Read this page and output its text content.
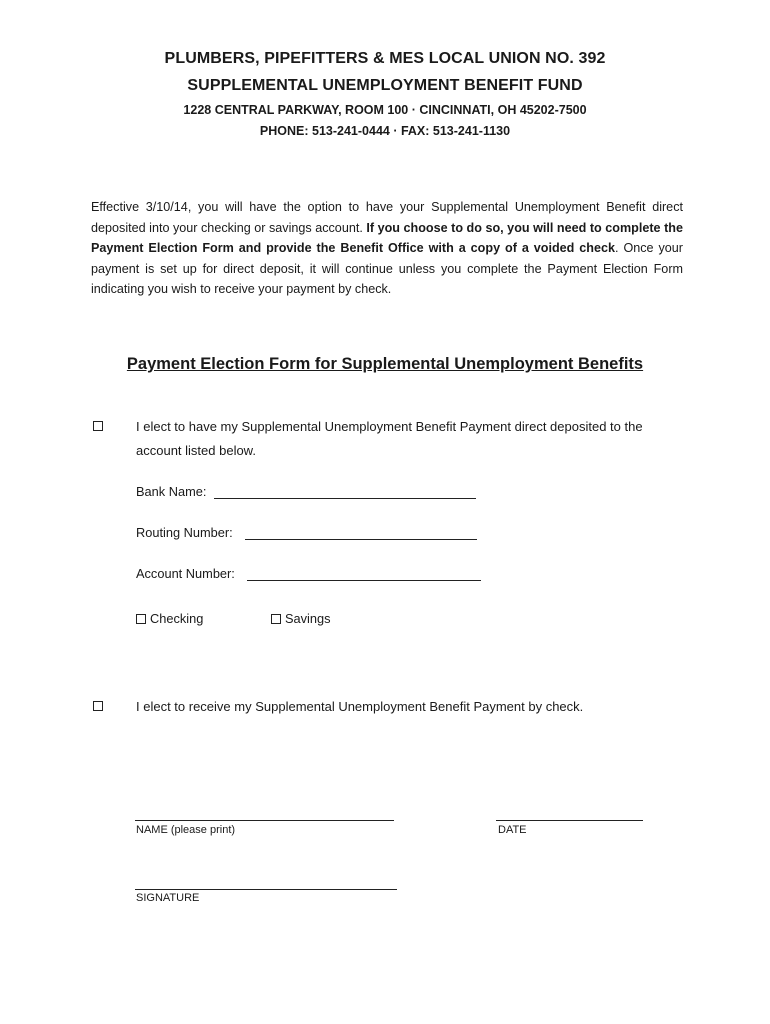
PLUMBERS, PIPEFITTERS & MES LOCAL UNION NO. 392
SUPPLEMENTAL UNEMPLOYMENT BENEFIT FUND
1228 CENTRAL PARKWAY, ROOM 100 · CINCINNATI, OH 45202-7500
PHONE: 513-241-0444 · FAX: 513-241-1130
Effective 3/10/14, you will have the option to have your Supplemental Unemployment Benefit direct deposited into your checking or savings account. If you choose to do so, you will need to complete the Payment Election Form and provide the Benefit Office with a copy of a voided check. Once your payment is set up for direct deposit, it will continue unless you complete the Payment Election Form indicating you wish to receive your payment by check.
Payment Election Form for Supplemental Unemployment Benefits
I elect to have my Supplemental Unemployment Benefit Payment direct deposited to the account listed below.
Bank Name:
Routing Number:
Account Number:
Checking	Savings
I elect to receive my Supplemental Unemployment Benefit Payment by check.
NAME (please print)	DATE
SIGNATURE
